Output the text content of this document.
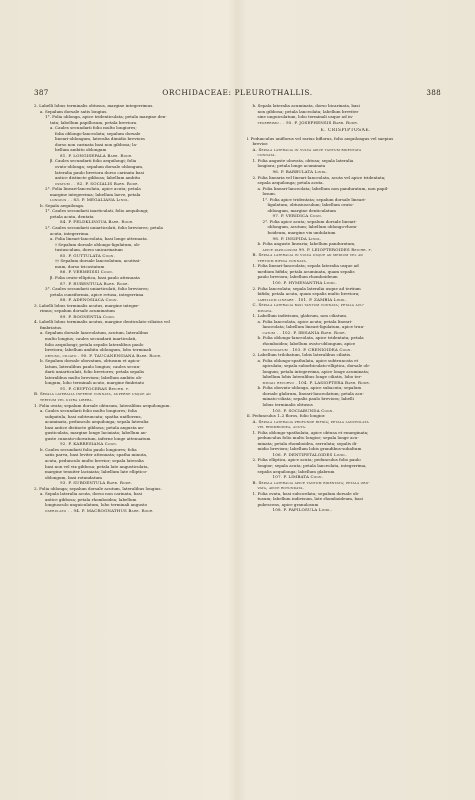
387	ORCHIDACEAE: PLEUROTHALLIS.	388
2. Labelli lobus terminalis obtusus, margine integerrimus.
a. Sepalum dorsale satis longius.
1°. Folia oblonga, apice tridenticulata; petala margine den-
tata; labellum papillosum, petala breviora.
a. Caules secundarii folio multo longiores;
folia oblongo-lanceolata; sepalum dorsale
lineari-oblongum, lateralia dimidio breviora
dorso non carinata basi non gibbosa; la-
bellum ambitu oblongum
81. P. LONGISEPALA Barb. Rodr.
β. Caules secundarii folio aequilongi; folia
ovato-oblonga; sepalum dorsale oblongum,
lateralia paulo breviora dorso carinata basi
antice distincte gibbosa; labellum ambitu
ovatum . . 82. P. SOCIALIS Barb. Rodr.
2°. Folia lineari-lanceolata, apice acuta; petala
margine integerrima; labellum laeve, petala
longius . . 83. P. MEGALIANA Lindl.
b. Sepala aequilonga.
1°. Caules secundarii inarticulati, folio aequilongi;
petala acuta, dentata
84. P. FELDKLINGUA Barb. Rodr.
2°. Caules secundarii uniarticulati, folio breviores; petala
acuta, integerrima.
a. Folia lineari-lanceolata, basi longe attenuata.
† Sepalum dorsale oblongo-ligulatum, ob-
tusiusculum, dorso unicarinatum
85. P. GUTTULATA Cogn.
†† Sepalum dorsale lanceolatum, acutissi-
mum, dorso tricostatum
86. P. VERMEISSI Cogn.
β. Folia ovato-elliptica, basi paulo attenuata
87. P. RUBENTULA Barb. Rodr.
3°. Caules secundarii uniarticulati, folio breviores;
petala cuneiformia, apice retusa, integerrima
88. P. ADENOSIACA Cogn.
3. Labelli lobus terminalis acutus, margine integer-
rimus; sepalum dorsale acuminatum
89. P. ROGNENTIA Cogn.
4. Labelli lobus terminalis acutus, margine denticulato-ciliatus vel
fimbriatus.
a. Sepalum dorsale lanceolatum, acutum, lateralibus
multo longius; caules secundarii inarticulati,
folio aequilongi; petala sepalis lateralibus paulo
breviora; labellum ambitu oblongum, lobo terminali
obtuso, ciliato . 90. P. TAUCANENSIANA Barb. Rodr.
b. Sepalum dorsale obovatum, obtusum et apicu-
latum, lateralibus paulo longius; caules secun-
darii uniarticulati, folio breviores; petala sepalis
lateralibus multo breviora; labellum ambitu ob-
longum, lobo terminali acuto, margine fimbriato
91. P. CRYPTOCERAS Reichb. f.
B. Sepala lateralia inferne connata, superne usque ad
tertium vel ultra libera.
1. Folia ovata; sepalum dorsale obtusum, lateralibus aequilongum.
a. Caules secundarii folio multo longiores; folia
subpatula, basi subtruncata; spatha uniflorens,
acuminata, pedunculo aequilonga; sepala lateralia
basi antice distincte gibbosa; petala angusta an-
gusticulata, margine longe laciniata; labellum an-
guste cuneato-obovatum, inferne longe attenuatum
92. P. KARRESIANA Cogn.
b. Caules secundarii folio paulo longiores; folia
satis parva, basi leviter attenuata; spatha minuta,
acuta, pedunculo multo brevior; sepala lateralia
basi non vel vix gibbosa; petala late angusticulata,
margine tenuiter laciniata; labellum late elliptico-
oblongum, basi rotundatum
93. P. SUBDENTULA Barb. Rodr.
2. Folia oblonga; sepalum dorsale acutum, lateralibus longius.
a. Sepala lateralia acuta, dorso non carinata, basi
antice gibbosa; petala rhomboidea; labellum
longiusculo unguiculatum, lobo terminali angusto
oserulato . . 94. P. MACROGNATHUS Barb. Rodr.
b. Sepala lateralia acuminata, dorso bicarinata, basi
non gibbosa; petala lanceolata; labellum breviter
sine unguiculatum, lobo terminali usque ad in-
tegerrimo . . 95. P. JOSEPHENSIS Barb. Rodr.
E. CRISPIPTOSAE.
I. Pedunculus uniflorus vel rarius biflorus, folio aequilongus vel saepius
brevior.
A. Sepala lateralia in vulva apice tantum bidentata
connata.
1. Folia anguste obovata, obtusa; sepala lateralia
longiora; petala longe acuminata
96. P. BARBULATA Lindl.
2. Folia linearia vel lineari-lanceolata, acuta vel apice tridentata;
sepala aequilonga; petala acuta.
a. Folia lineari-lanceolata; labellum non panduratum, non papil-
losum.
1°. Folia apice tridentata; sepalum dorsale lineari-
ligulatum, obtusiusculum; labellum ovato-
oblongum, margine denticulatum
97. P. VERIDICA Cogn.
2°. Folia apice acuta; sepalum dorsale lineari-
oblongum, acutum; labellum oblongo-rhom-
boideum, margine vix undulatum
98. P. INSIPIDA Lindl.
b. Folia anguste linearia; labellum panduratum,
apice papillosum 99. P. LEIOPTEROIDES Reichb. f.
B. Sepala lateralia in vulva usque ad medium vel ad
tertium bifida connata.
1. Folia lineari-lanceolata; sepala lateralia usque ad
medium bifida; petala acuminata, quam sepalis
paulo breviora; labellum rhomboideum
100. P. HYMENANTHA Lindl.
2. Folia lanceolata; sepala lateralia usque ad tertium
bifida; petala acuta, quam sepalis multo breviora;
labellum lineare . 101. P. ZAMBIA Lindl.
C. Sepala lateralia basi tantum connata; petala acu-
minata.
1. Labellum indivisum, glabrum, non ciliatum.
a. Folia lanceolata, apice acuta; petala lineari-
lanceolata; labellum lineari-ligulatum, apice trun-
catum . . 102. P. IBISANIA Barb. Rodr.
b. Folia oblongo-lanceolata, apice tridentata; petala
rhomboidea; labellum ovato-oblongum, apice
rotundatum . 103. P. CRENIOIDEA Cogn.
2. Labellum trilobatum, lobis lateralibus ciliatis.
a. Folia oblongo-spathulata, apice subtruncata et
apiculata; sepala suborbiculato-elliptica, dorsale ob-
longum; petala integerrima, apice longe acuminata;
labellum lobis lateralibus longe ciliatis, lobo ter-
minali recurvo . 104. P. LASIOPTERA Barb. Rodr.
b. Folia obovato-oblonga, apice subacuta; sepalum
dorsale glabrum, lineari-lanceolatum; petala acu-
minato-ciliata; sepalis paulo breviora; labelli
lobus terminalis obtusus
105. P. SOCIABUNDA Cogn.
II. Pedunculus 1–2 floros, folio longior.
A. Sepala lateralia profunde bifida; petala lanceolata
vel rhomboidea, acuta.
1. Folia oblongo-spathulata, apice obtusa et emarginata;
pedunculus folio multo longior; sepala longe acu-
minata; petala rhomboidea, serrulata; sepalis di-
midio breviora; labellum lobis grandibus-subaltum
106. P. DENTIPETALOIDES Lindl.
2. Folia elliptica, apice acuta; pedunculus folio paulo
longior; sepala acuta; petala lanceolata, integerrima,
sepalis aequilonga; labellum glabrum
107. P. LIMBATA Cogn.
B. Sepala lateralia apice tantum bidentata; petala obo-
vata, apice rotundata.
1. Folia ovata, basi subcordata; sepalum dorsale ob-
tusum; labellum indivisum, late rhomboideum, basi
pubescens, apice granulosum
108. P. PAPILOSULA Lindl.
